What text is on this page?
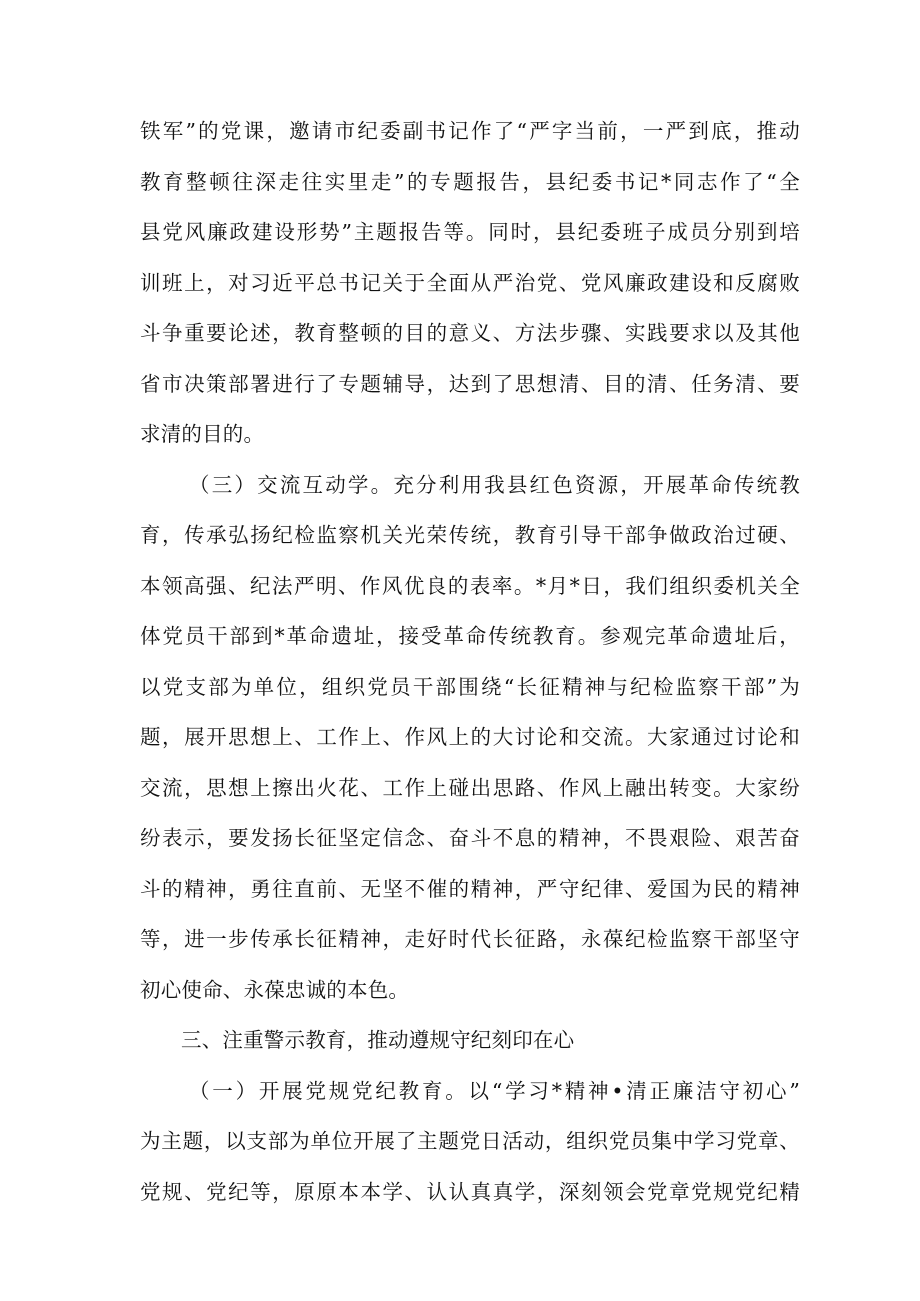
铁军”的党课，邀请市纪委副书记作了“严字当前，一严到底，推动
教育整顿往深走往实里走”的专题报告，县纪委书记*同志作了“全
县党风廉政建设形势”主题报告等。同时，县纪委班子成员分别到培
训班上，对习近平总书记关于全面从严治党、党风廉政建设和反腐败
斗争重要论述，教育整顿的目的意义、方法步骤、实践要求以及其他
省市决策部署进行了专题辅导，达到了思想清、目的清、任务清、要
求清的目的。
（三）交流互动学。充分利用我县红色资源，开展革命传统教
育，传承弘扬纪检监察机关光荣传统，教育引导干部争做政治过硬、
本领高强、纪法严明、作风优良的表率。*月*日，我们组织委机关全
体党员干部到*革命遗址，接受革命传统教育。参观完革命遗址后，
以党支部为单位，组织党员干部围绕“长征精神与纪检监察干部”为
题，展开思想上、工作上、作风上的大讨论和交流。大家通过讨论和
交流，思想上擦出火花、工作上碰出思路、作风上融出转变。大家纷
纷表示，要发扬长征坚定信念、奋斗不息的精神，不畏艰险、艰苦奋
斗的精神，勇往直前、无坚不催的精神，严守纪律、爱国为民的精神
等，进一步传承长征精神，走好时代长征路，永葆纪检监察干部坚守
初心使命、永葆忠诚的本色。
三、注重警示教育，推动遵规守纪刻印在心
（一）开展党规党纪教育。以“学习*精神•清正廉洁守初心”
为主题，以支部为单位开展了主题党日活动，组织党员集中学习党章、
党规、党纪等，原原本本学、认认真真学，深刻领会党章党规党纪精
